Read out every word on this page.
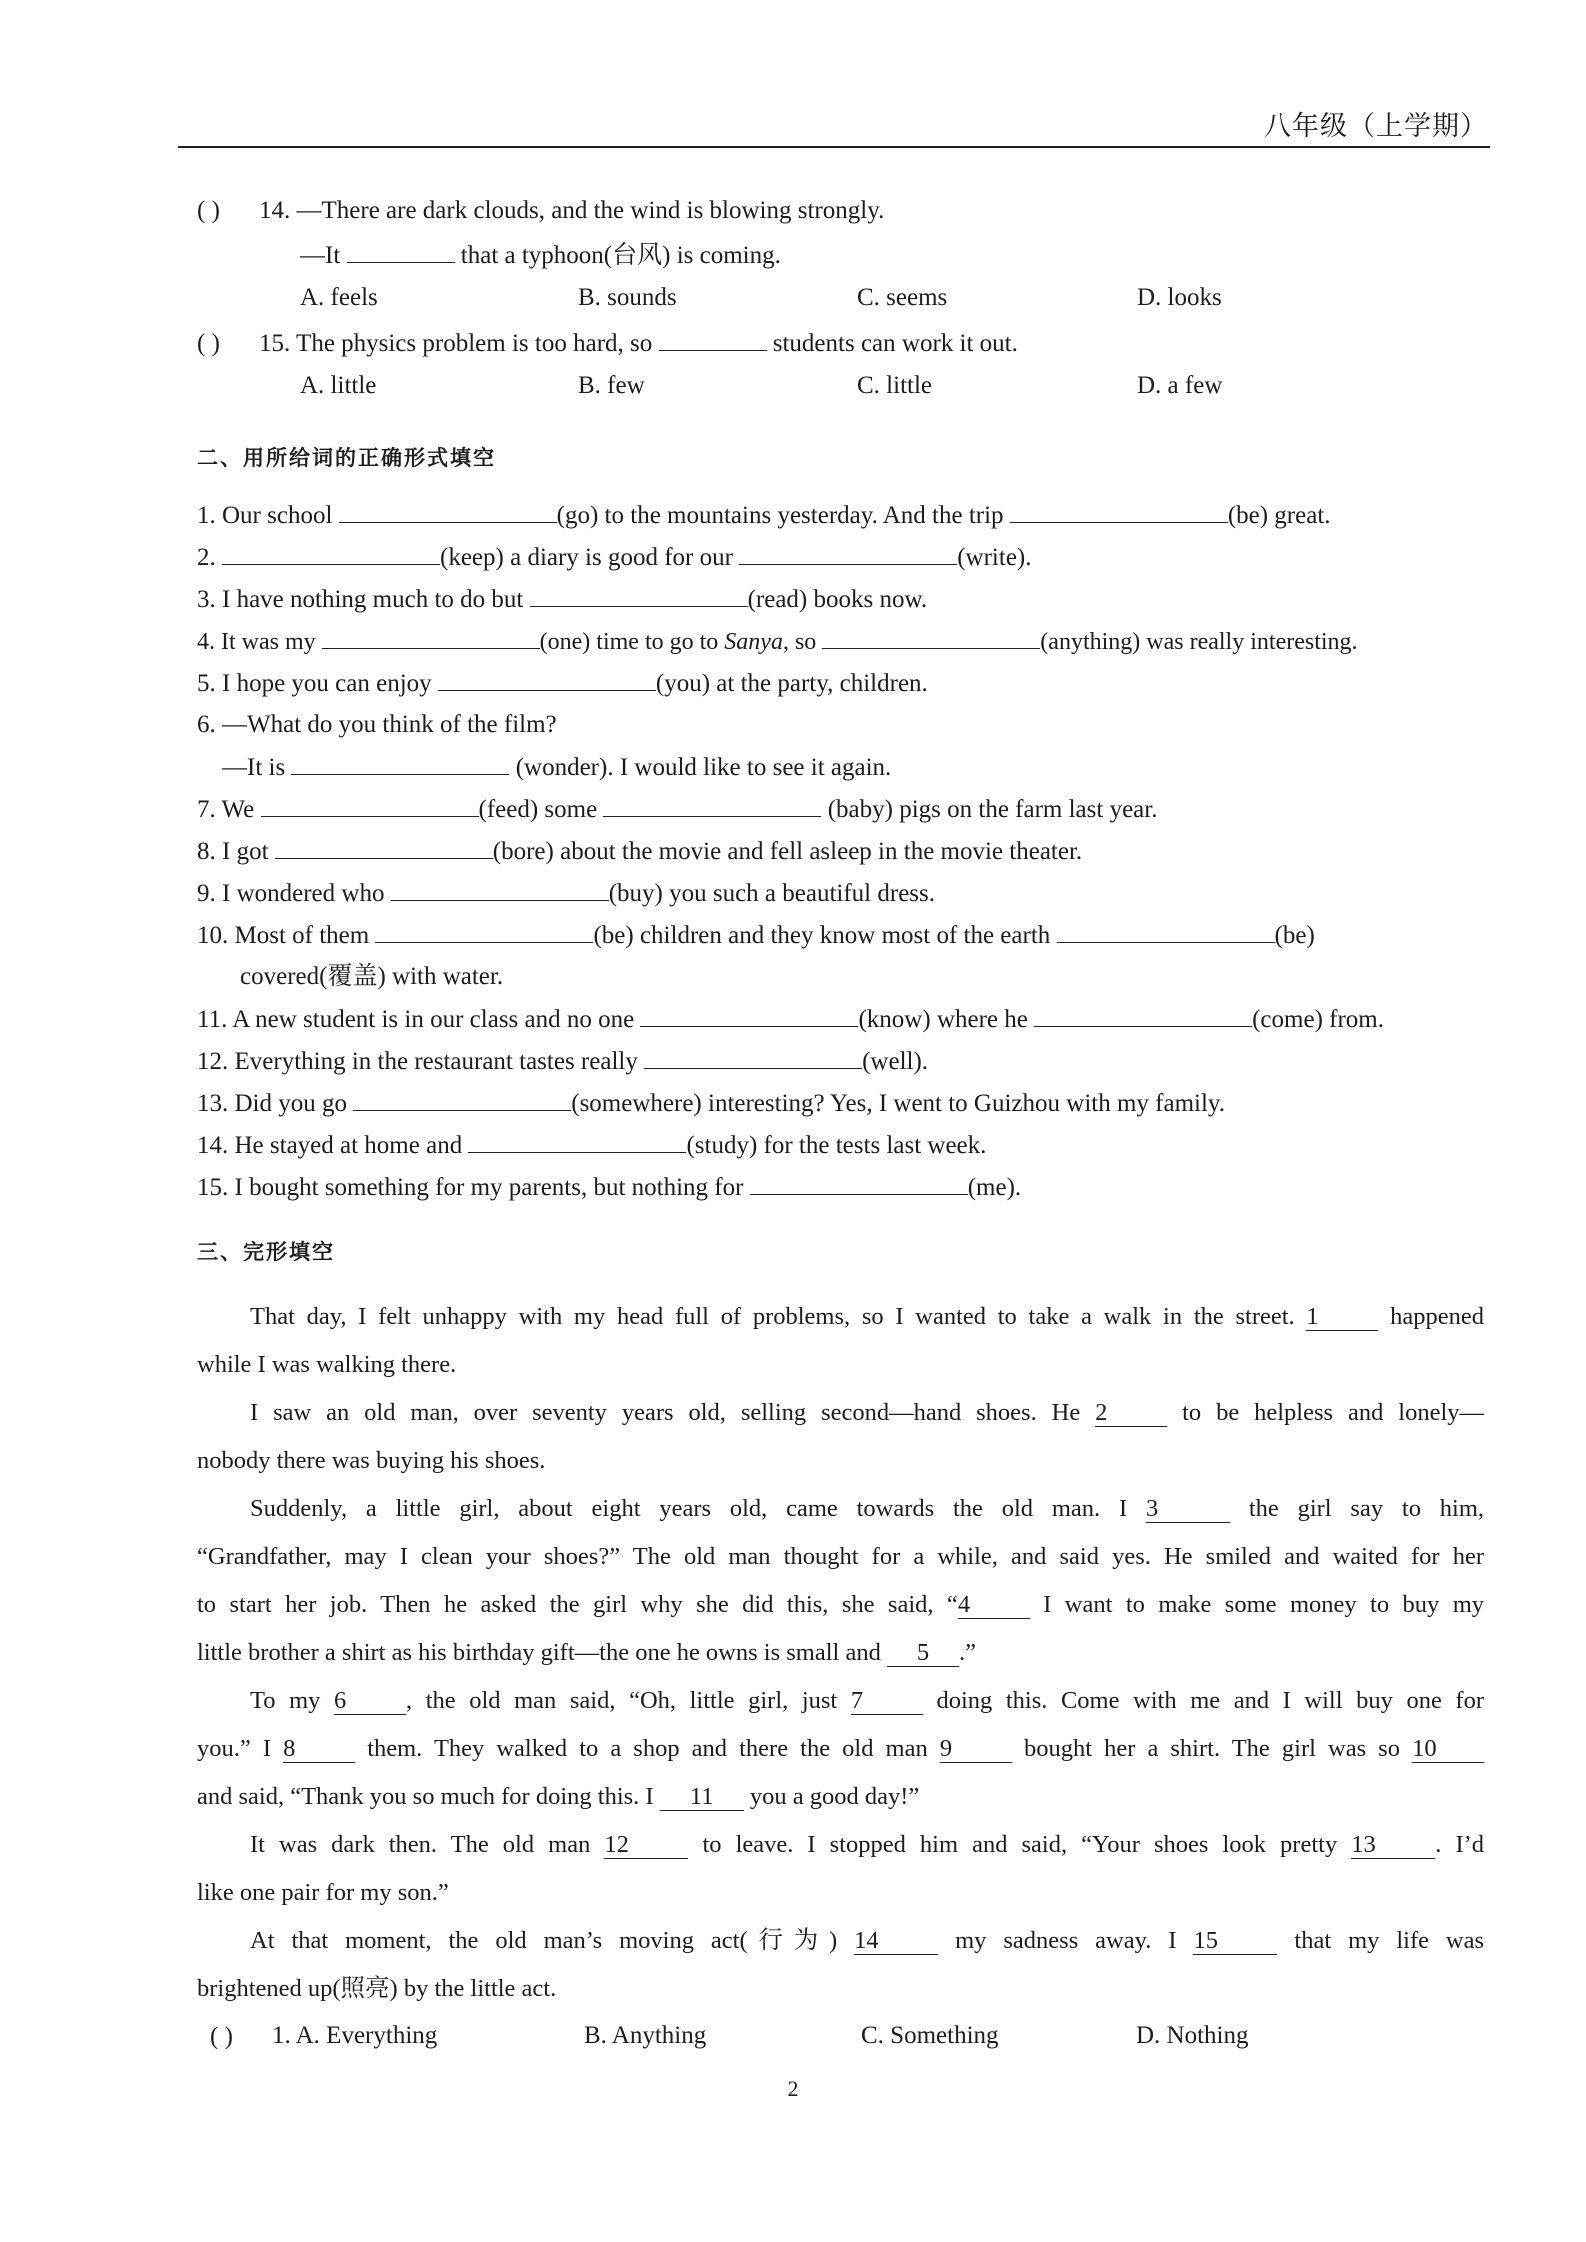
八年级（上学期）
( ) 14. —There are dark clouds, and the wind is blowing strongly.
—It	that a typhoon(台风) is coming.
A. feels	B. sounds	C. seems	D. looks
( ) 15. The physics problem is too hard, so	students can work it out.
A. little	B. few	C. little	D. a few
二、用所给词的正确形式填空
1. Our school	(go) to the mountains yesterday. And the trip	(be) great.
2.	(keep) a diary is good for our	(write).
3. I have nothing much to do but	(read) books now.
4. It was my	(one) time to go to Sanya, so	(anything) was really interesting.
5. I hope you can enjoy	(you) at the party, children.
6. —What do you think of the film?
—It is	(wonder). I would like to see it again.
7. We	(feed) some	(baby) pigs on the farm last year.
8. I got	(bore) about the movie and fell asleep in the movie theater.
9. I wondered who	(buy) you such a beautiful dress.
10. Most of them	(be) children and they know most of the earth	(be)
covered(覆盖) with water.
11. A new student is in our class and no one	(know) where he	(come) from.
12. Everything in the restaurant tastes really	(well).
13. Did you go	(somewhere) interesting? Yes, I went to Guizhou with my family.
14. He stayed at home and	(study) for the tests last week.
15. I bought something for my parents, but nothing for	(me).
三、完形填空
That day, I felt unhappy with my head full of problems, so I wanted to take a walk in the street. 1	happened
while I was walking there.
I saw an old man, over seventy years old, selling second—hand shoes. He 2	to be helpless and lonely—
nobody there was buying his shoes.
Suddenly, a little girl, about eight years old, came towards the old man. I 3	the girl say to him,
“Grandfather, may I clean your shoes?” The old man thought for a while, and said yes. He smiled and waited for her
to start her job. Then he asked the girl why she did this, she said, “4	I want to make some money to buy my
little brother a shirt as his birthday gift—the one he owns is small and 5 .”
To my 6 , the old man said, “Oh, little girl, just 7	doing this. Come with me and I will buy one for
you.” I 8	them. They walked to a shop and there the old man 9	bought her a shirt. The girl was so 10
and said, “Thank you so much for doing this. I 11 you a good day!”
It was dark then. The old man 12	to leave. I stopped him and said, “Your shoes look pretty 13 . I’d
like one pair for my son.”
At that moment, the old man’s moving act(行为) 14	my sadness away. I 15	that my life was
brightened up(照亮) by the little act.
( ) 1. A. Everything	B. Anything	C. Something	D. Nothing
2
